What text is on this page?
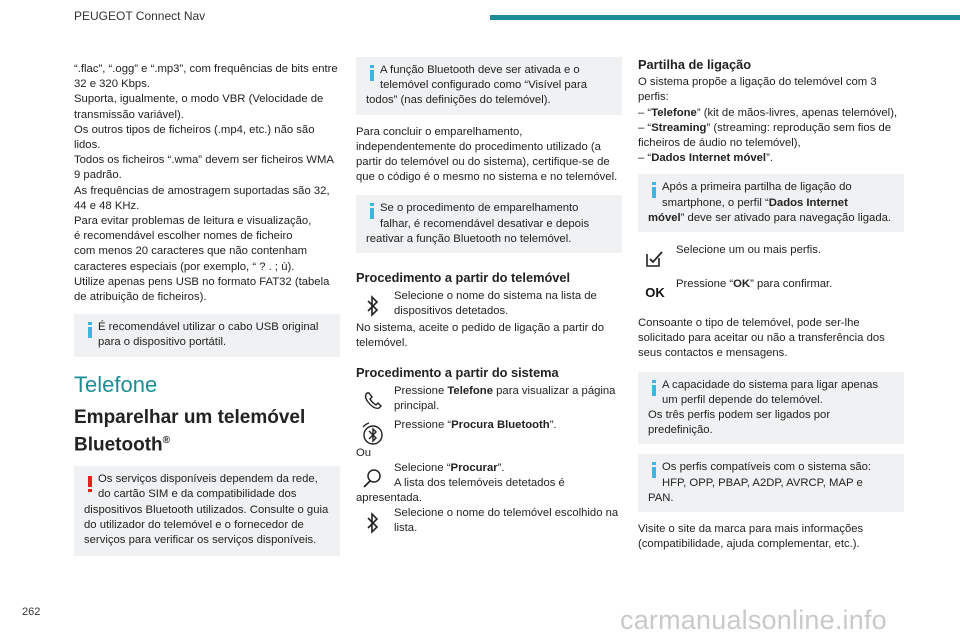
PEUGEOT Connect Nav

“.flac”, “.ogg” e “.mp3”, com frequências de bits entre
32 e 320 Kbps.
Suporta, igualmente, o modo VBR (Velocidade de
transmissão variável).
Os outros tipos de ficheiros (.mp4, etc.) não são
lidos.
Todos os ficheiros “.wma” devem ser ficheiros WMA
9 padrão.
As frequências de amostragem suportadas são 32,
44 e 48 KHz.
Para evitar problemas de leitura e visualização,
é recomendável escolher nomes de ficheiro
com menos 20 caracteres que não contenham
caracteres especiais (por exemplo, “ ? . ; ù).
Utilize apenas pens USB no formato FAT32 (tabela
de atribuição de ficheiros).

É recomendável utilizar o cabo USB original
para o dispositivo portátil.
Telefone
Emparelhar um telemóvel
Bluetooth®
Os serviços disponíveis dependem da rede,
do cartão SIM e da compatibilidade dos
dispositivos Bluetooth utilizados. Consulte o guia
do utilizador do telemóvel e o fornecedor de
serviços para verificar os serviços disponíveis.
A função Bluetooth deve ser ativada e o
telemóvel configurado como “Visível para
todos” (nas definições do telemóvel).

Para concluir o emparelhamento,
independentemente do procedimento utilizado (a
partir do telemóvel ou do sistema), certifique-se de
que o código é o mesmo no sistema e no telemóvel.

Se o procedimento de emparelhamento
falhar, é recomendável desativar e depois
reativar a função Bluetooth no telemóvel.
Procedimento a partir do telemóvel
Selecione o nome do sistema na lista de
dispositivos detetados.

No sistema, aceite o pedido de ligação a partir do
telemóvel.

Procedimento a partir do sistema
Pressione Telefone para visualizar a página
principal.
Pressione “Procura Bluetooth”.

Ou

Selecione “Procurar”.
A lista dos telemóveis detetados é

apresentada.

Selecione o nome do telemóvel escolhido na
lista.
Partilha de ligação

O sistema propõe a ligação do telemóvel com 3
perfis:
– “Telefone” (kit de mãos-livres, apenas telemóvel),
– “Streaming” (streaming: reprodução sem fios de
ficheiros de áudio no telemóvel),
– “Dados Internet móvel”.

Após a primeira partilha de ligação do
smartphone, o perfil “Dados Internet
móvel” deve ser ativado para navegação ligada.
Selecione um ou mais perfis.
OK
Pressione “OK” para confirmar.

Consoante o tipo de telemóvel, pode ser-lhe
solicitado para aceitar ou não a transferência dos
seus contactos e mensagens.

A capacidade do sistema para ligar apenas
um perfil depende do telemóvel.
Os três perfis podem ser ligados por
predefinição.
Os perfis compatíveis com o sistema são:
HFP, OPP, PBAP, A2DP, AVRCP, MAP e
PAN.

Visite o site da marca para mais informações
(compatibilidade, ajuda complementar, etc.).

262	carmanualsonline.info
